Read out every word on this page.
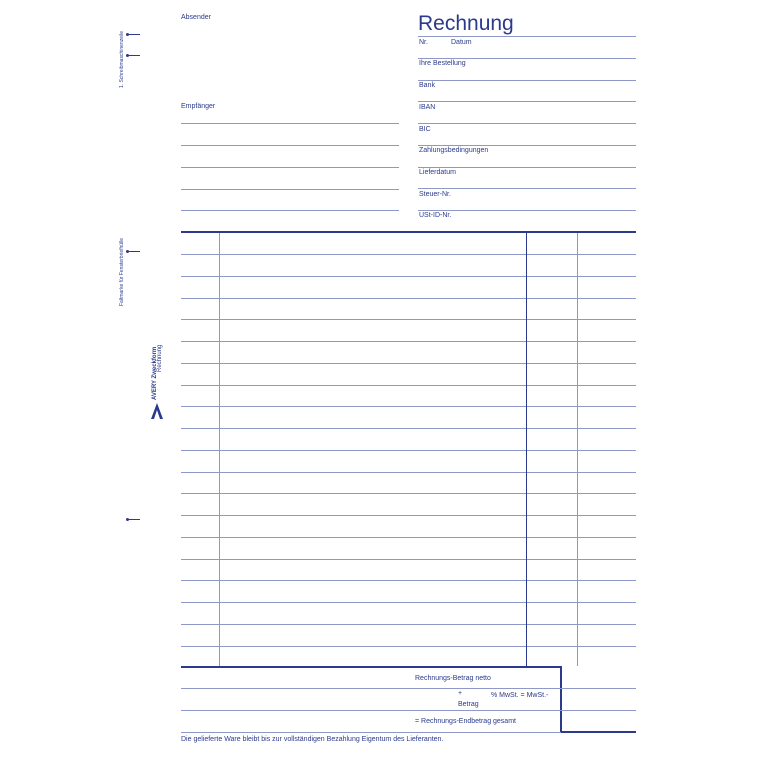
1. Schreibmaschinenzeile
Faltmarke für Fensterbriefhülle
AVERY Zweckform Rechnung
Absender
Empfänger
Rechnung
Nr.	Datum
Ihre Bestellung
Bank
IBAN
BIC
Zahlungsbedingungen
Lieferdatum
Steuer-Nr.
USt-ID-Nr.
Rechnungs-Betrag netto
+	% MwSt. = MwSt.-
Betrag
= Rechnungs-Endbetrag gesamt
Die gelieferte Ware bleibt bis zur vollständigen Bezahlung Eigentum des Lieferanten.
